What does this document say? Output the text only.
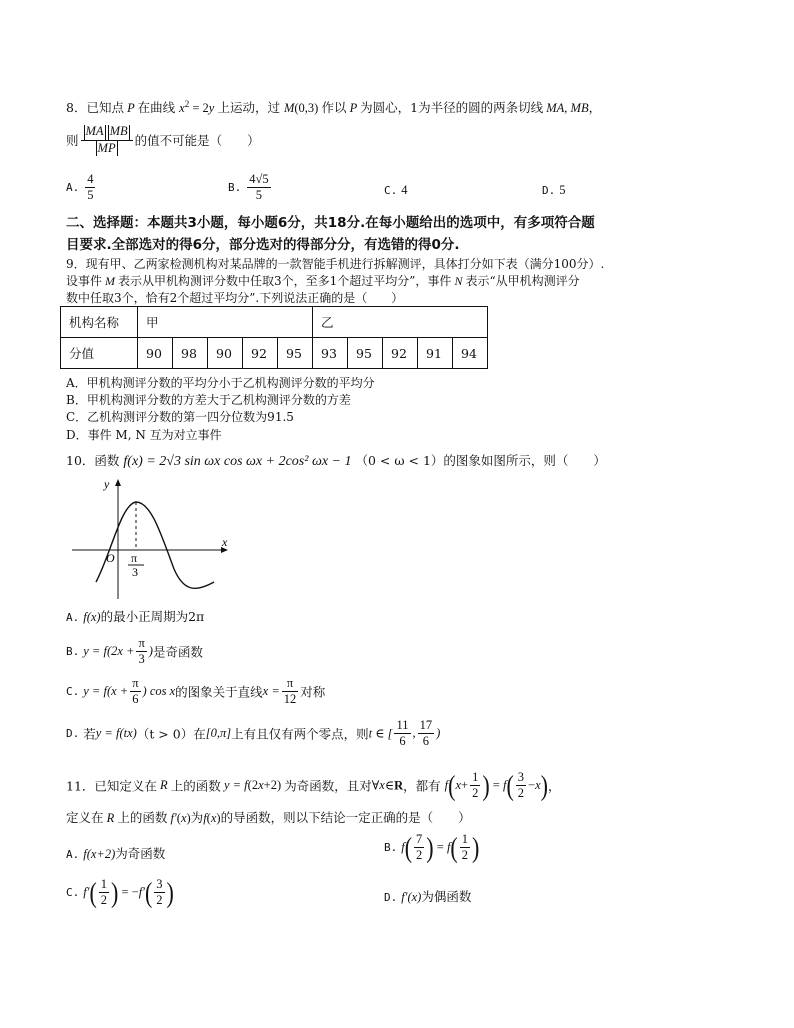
8．已知点 P 在曲线 $x^2 = 2y$ 上运动，过 M(0,3) 作以 P 为圆心，1为半径的圆的两条切线 MA, MB，
则 $\frac{\text{MA MB}}{MP}$ 的值不可能是（　　）
A. $\frac{4}{5}$	B. $\frac{4√5}{5}$	C. 4	D. 5
二、选择题：本题共3小题，每小题6分，共18分.在每小题给出的选项中，有多项符合题
目要求.全部选对的得6分，部分选对的得部分分，有选错的得0分.
9．现有甲、乙两家检测机构对某品牌的一款智能手机进行拆解测评，具体打分如下表（满分100分）.
设事件 M 表示从甲机构测评分数中任取3个，至多1个超过平均分”，事件 N 表示“从甲机构测评分
数中任取3个，恰有2个超过平均分”.下列说法正确的是（　　）
机构名称	甲					乙				
分值	90	98	90	92	95	93	95	92	91	94
A．甲机构测评分数的平均分小于乙机构测评分数的平均分
B．甲机构测评分数的方差大于乙机构测评分数的方差
C．乙机构测评分数的第一四分位数为91.5
D．事件 M, N 互为对立事件
10．函数 f(x) = 2√3 sin ωx cos ωx + 2cos² ωx − 1 （0 < ω < 1）的图象如图所示，则（　　）
y
x
O π
3
A. f(x)的最小正周期为2π
B. $y = f(2x + \frac{\pi}{3}$ )是奇函数
C. $y = f(x + \frac{\pi}{6}$ ) cos x的图象关于直线$x = \frac{\pi}{12}$ 对称
D. 若y = f(tx)（t > 0）在[0,π]上有且仅有两个零点，则t ∈ [ $\frac{11}{6}$ , $\frac{17}{6}$ )
11．已知定义在 R 上的函数 y = f(2x+2) 为奇函数，且对∀x∈R，都有 $f(x+ \frac{1}{2}$ ) = $f( \frac{3}{2} -x)$，
定义在 R 上的函数 f′(x)为f(x)的导函数，则以下结论一定正确的是（　　）
A. f(x+2)为奇函数	B. $f( \frac{7}{2}$ ) = $f( \frac{1}{2}$ )
C. $f'( \frac{1}{2}$ ) = $-f'( \frac{3}{2}$ )	D. f′(x)为偶函数
